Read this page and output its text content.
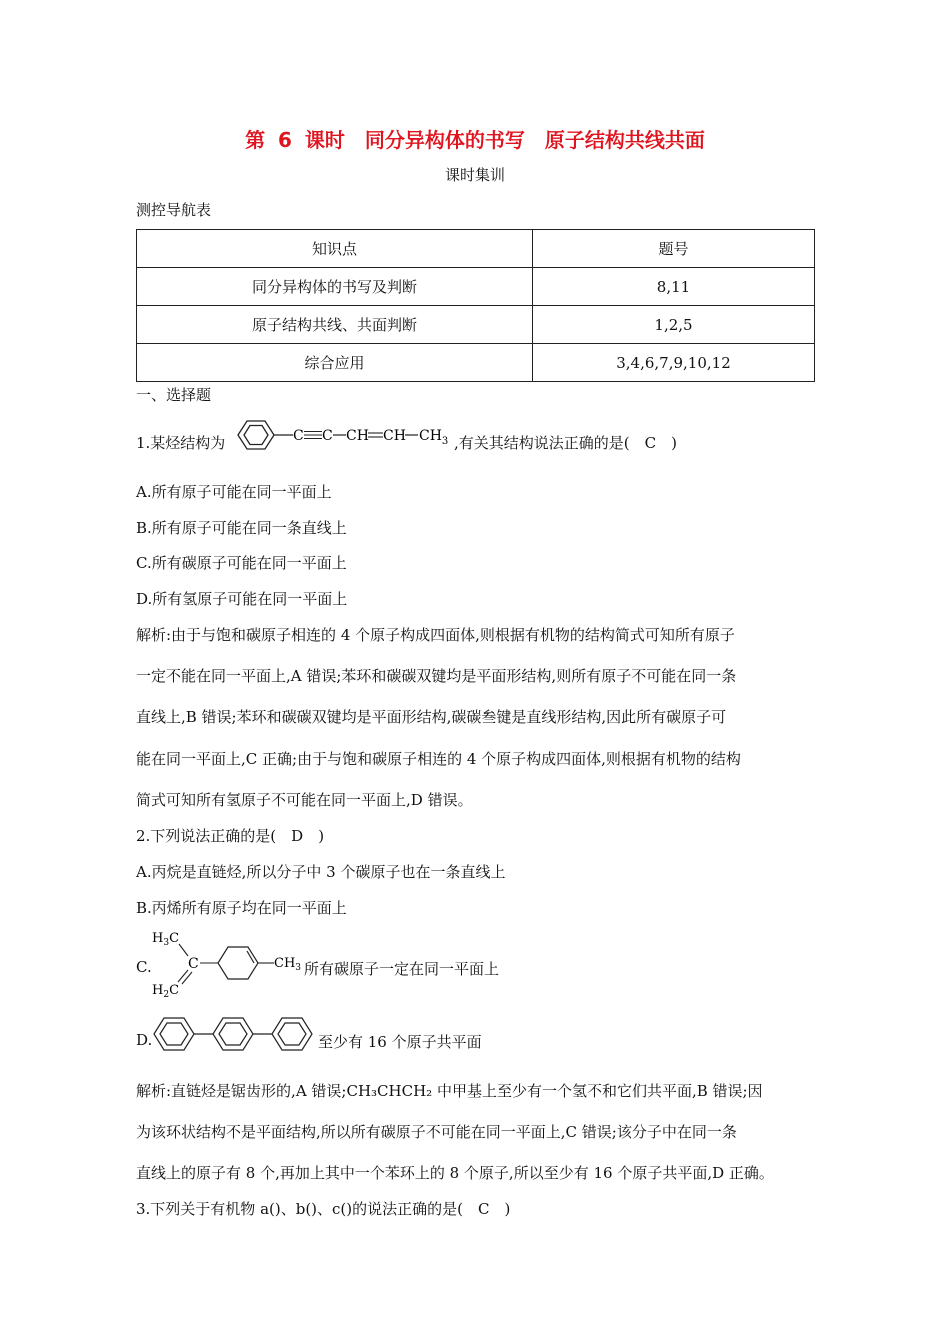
第 6 课时　同分异构体的书写　原子结构共线共面
课时集训
测控导航表
知识点	题号
同分异构体的书写及判断	8,11
原子结构共线、共面判断	1,2,5
综合应用	3,4,6,7,9,10,12
一、选择题
1.某烃结构为	C C CH CH $CH_3$ ,有关其结构说法正确的是(　C　)
A.所有原子可能在同一平面上
B.所有原子可能在同一条直线上
C.所有碳原子可能在同一平面上
D.所有氢原子可能在同一平面上
解析:由于与饱和碳原子相连的 4 个原子构成四面体,则根据有机物的结构简式可知所有原子
一定不能在同一平面上,A 错误;苯环和碳碳双键均是平面形结构,则所有原子不可能在同一条
直线上,B 错误;苯环和碳碳双键均是平面形结构,碳碳叁键是直线形结构,因此所有碳原子可
能在同一平面上,C 正确;由于与饱和碳原子相连的 4 个原子构成四面体,则根据有机物的结构
简式可知所有氢原子不可能在同一平面上,D 错误。
2.下列说法正确的是(　D　)
A.丙烷是直链烃,所以分子中 3 个碳原子也在一条直线上
B.丙烯所有原子均在同一平面上
C.
$H_3C$
C
$H_2C$
$CH_3$ 所有碳原子一定在同一平面上
D.	至少有 16 个原子共平面
解析:直链烃是锯齿形的,A 错误;CH₃CHCH₂ 中甲基上至少有一个氢不和它们共平面,B 错误;因
为该环状结构不是平面结构,所以所有碳原子不可能在同一平面上,C 错误;该分子中在同一条
直线上的原子有 8 个,再加上其中一个苯环上的 8 个原子,所以至少有 16 个原子共平面,D 正确。
3.下列关于有机物 a()、b()、c()的说法正确的是(　C　)
